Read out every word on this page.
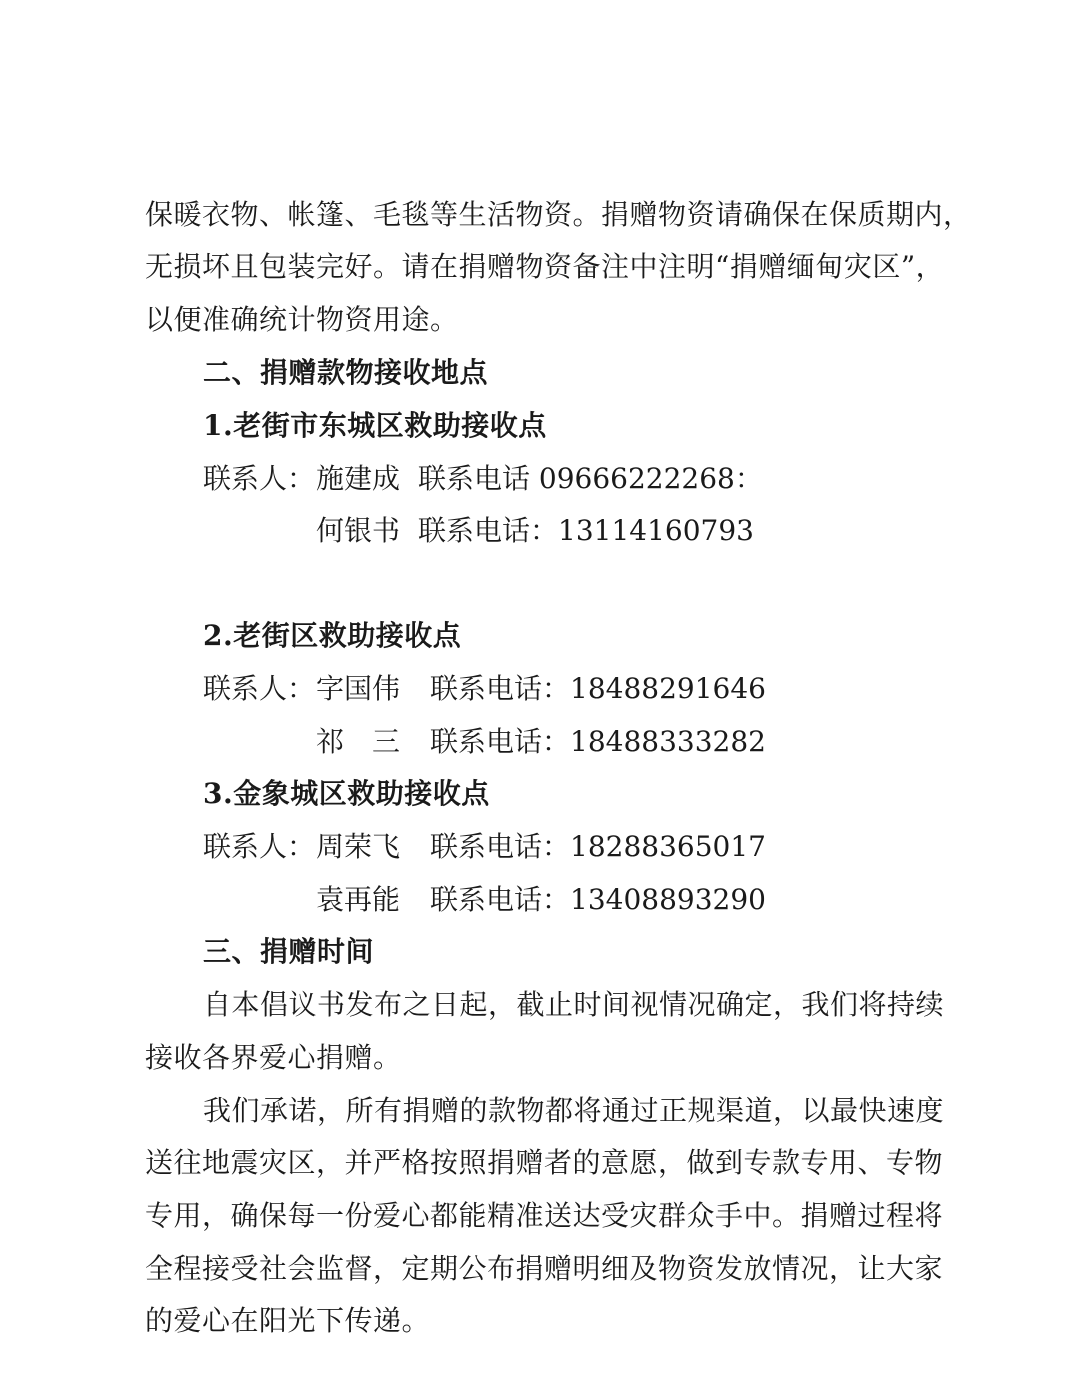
保暖衣物、帐篷、毛毯等生活物资。捐赠物资请确保在保质期内，
无损坏且包装完好。请在捐赠物资备注中注明“捐赠缅甸灾区”，
以便准确统计物资用途。
二、捐赠款物接收地点
1.老街市东城区救助接收点
联系人： 施建成 联系电话 09666222268：
何银书 联系电话：13114160793
2.老街区救助接收点
联系人： 字国伟 联系电话：18488291646
祁　三 联系电话：18488333282
3.金象城区救助接收点
联系人： 周荣飞 联系电话：18288365017
袁再能 联系电话：13408893290
三、捐赠时间
自本倡议书发布之日起，截止时间视情况确定，我们将持续
接收各界爱心捐赠。
我们承诺，所有捐赠的款物都将通过正规渠道，以最快速度
送往地震灾区，并严格按照捐赠者的意愿，做到专款专用、专物
专用，确保每一份爱心都能精准送达受灾群众手中。捐赠过程将
全程接受社会监督，定期公布捐赠明细及物资发放情况，让大家
的爱心在阳光下传递。
